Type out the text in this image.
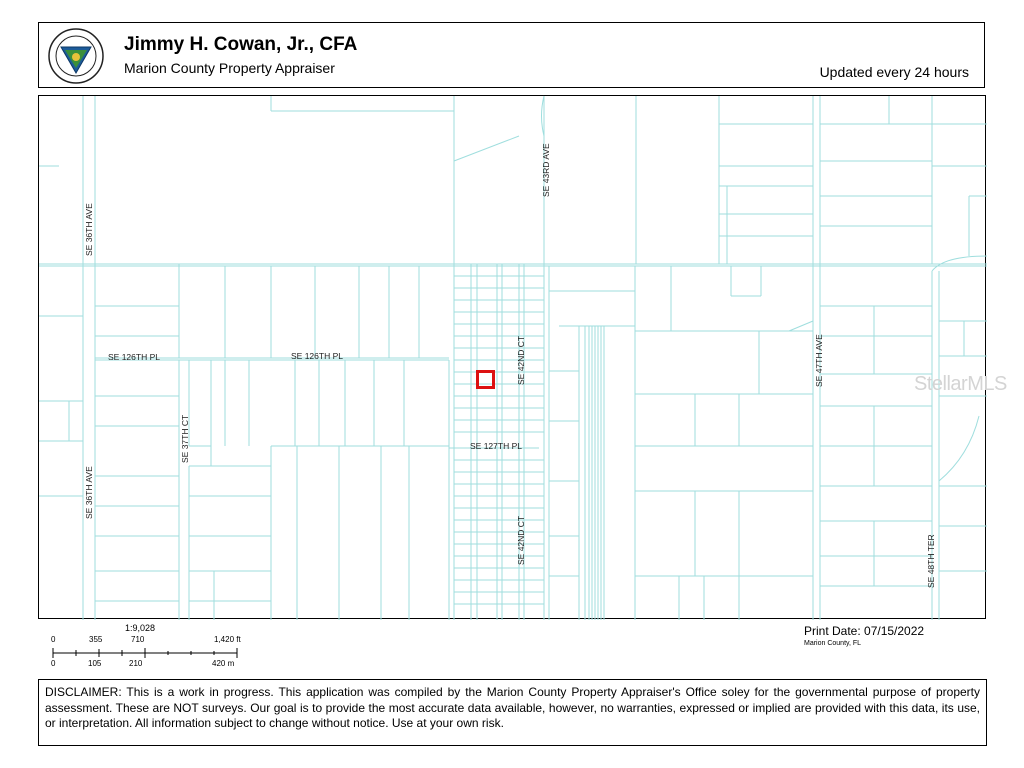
Jimmy H. Cowan, Jr., CFA
Marion County Property Appraiser	Updated every 24 hours
SE 36TH AVE
SE 36TH AVE
SE 126TH PL	SE 126TH PL
SE 37TH CT
SE 43RD AVE
SE 42ND CT
SE 42ND CT
SE 127TH PL
SE 47TH AVE
SE 48TH TER
StellarMLS
1:9,028
0	355	710	1,420 ft
0	105	210	420 m
Print Date: 07/15/2022
Marion County, FL
DISCLAIMER: This is a work in progress. This application was compiled by the Marion County Property Appraiser's Office soley for the governmental purpose of property assessment. These are NOT surveys. Our goal is to provide the most accurate data available, however, no warranties, expressed or implied are provided with this data, its use, or interpretation. All information subject to change without notice. Use at your own risk.
